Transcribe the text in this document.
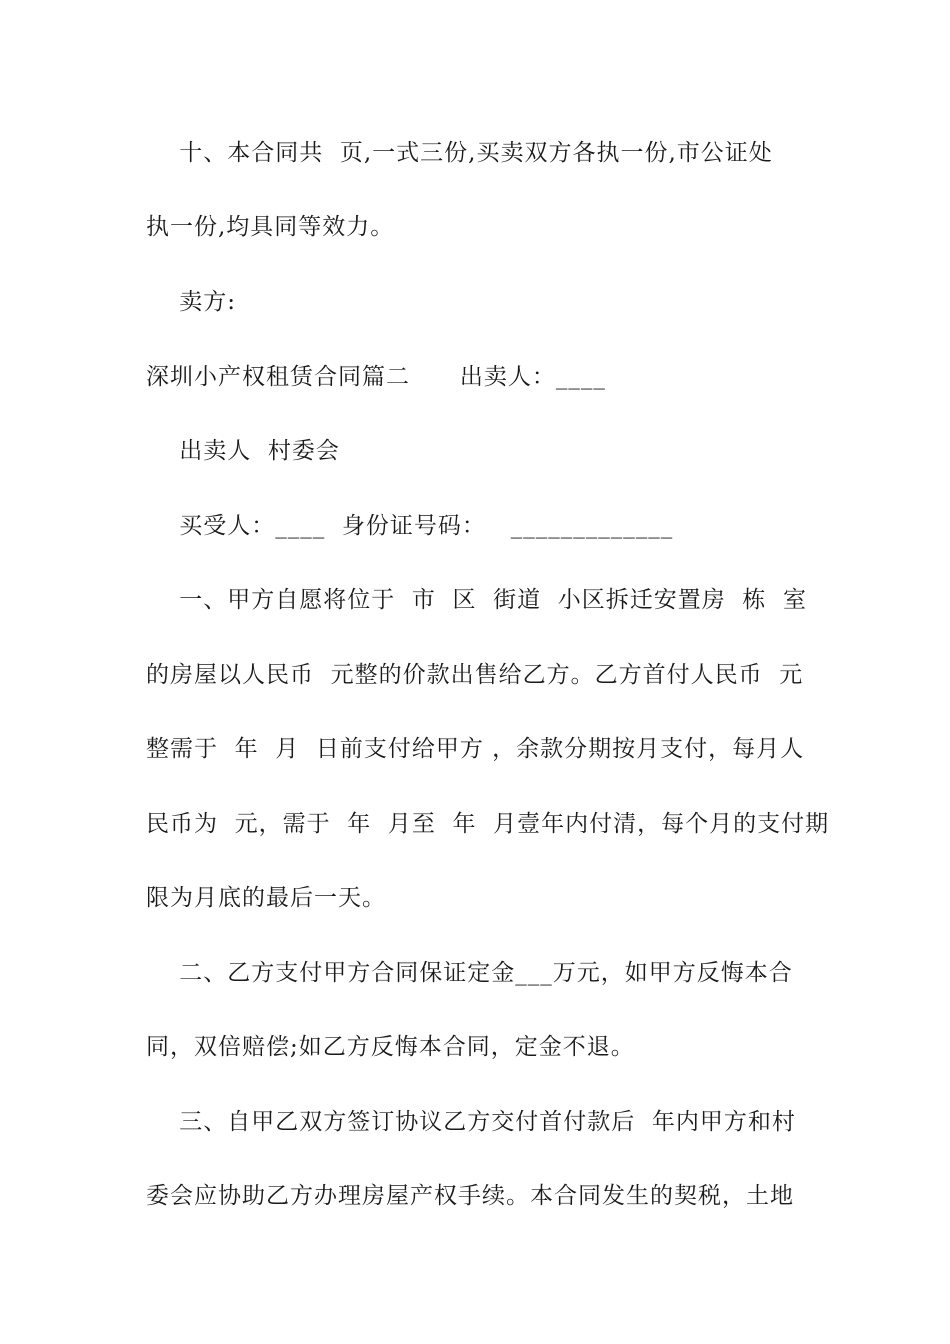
十、本合同共  页,一式三份,买卖双方各执一份,市公证处
执一份,均具同等效力。
卖方:
深圳小产权租赁合同篇二      出卖人：____
出卖人  村委会
买受人：____  身份证号码：   _____________
一、甲方自愿将位于  市  区  街道  小区拆迁安置房  栋  室
的房屋以人民币  元整的价款出售给乙方。乙方首付人民币  元
整需于  年  月  日前支付给甲方 ，余款分期按月支付，每月人
民币为  元，需于  年  月至  年  月壹年内付清，每个月的支付期
限为月底的最后一天。
二、乙方支付甲方合同保证定金___万元，如甲方反悔本合
同，双倍赔偿;如乙方反悔本合同，定金不退。
三、自甲乙双方签订协议乙方交付首付款后  年内甲方和村
委会应协助乙方办理房屋产权手续。本合同发生的契税，土地
